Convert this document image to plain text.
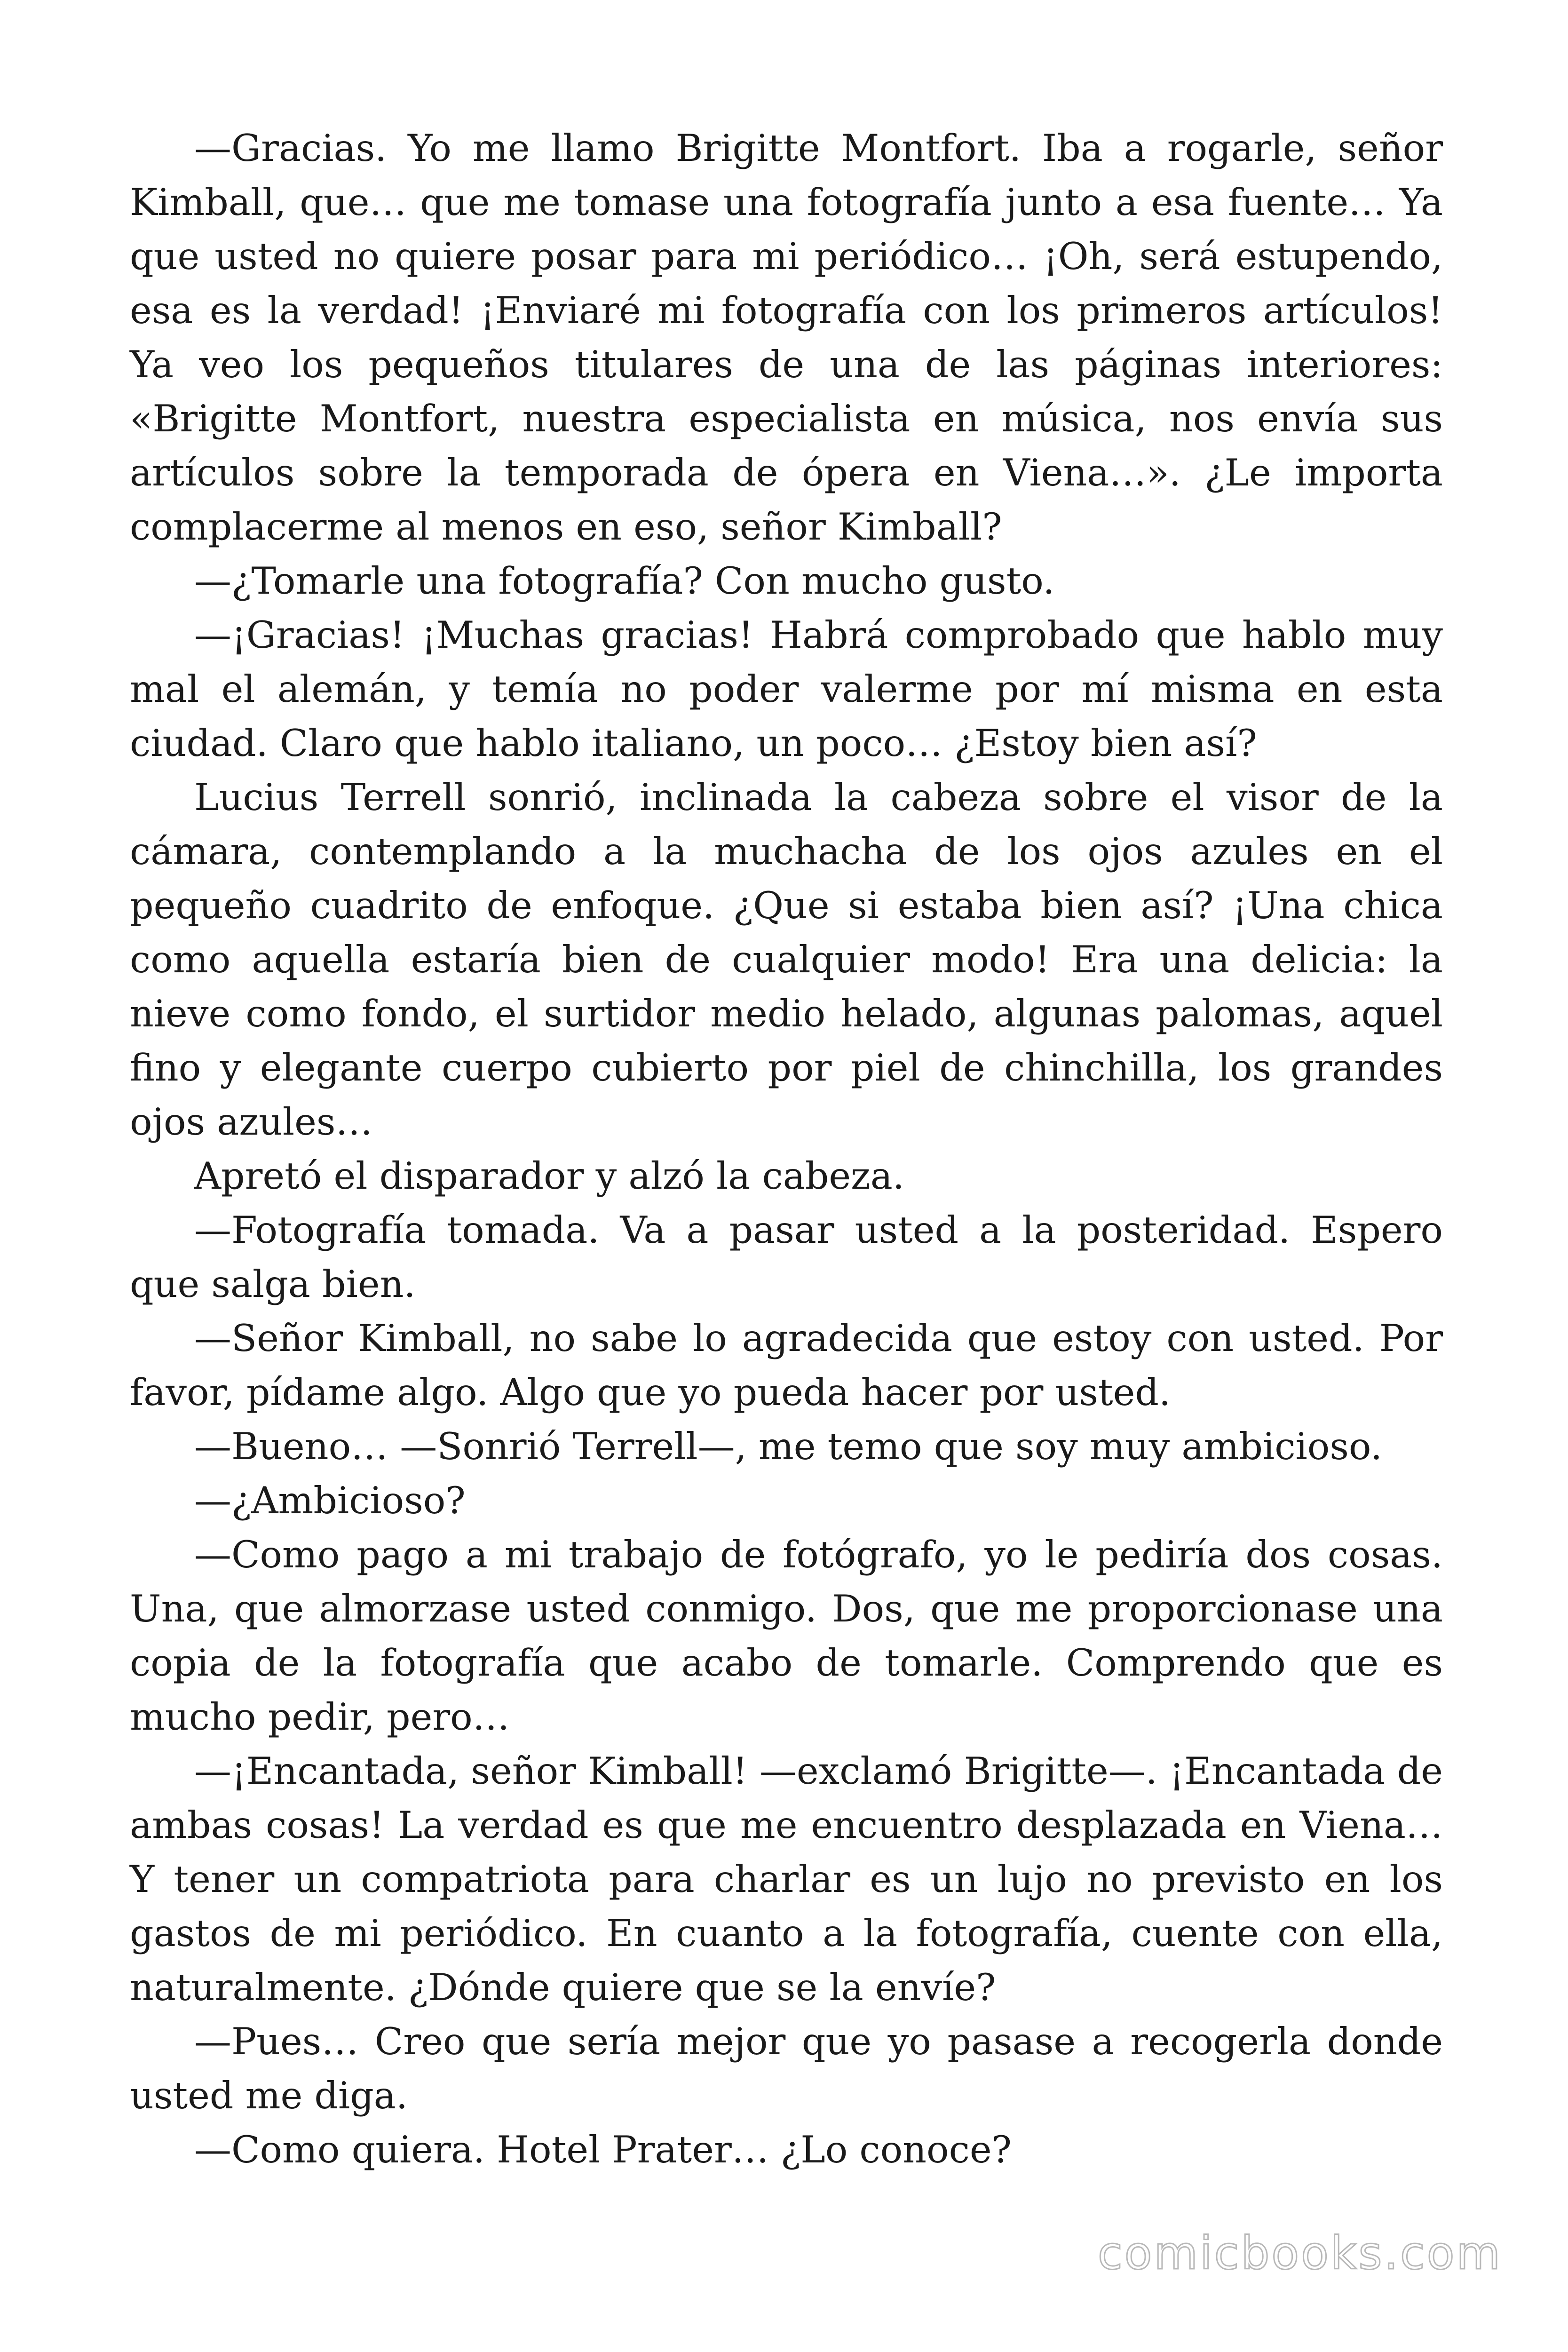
—Gracias. Yo me llamo Brigitte Montfort. Iba a rogarle, señor Kimball, que… que me tomase una fotografía junto a esa fuente… Ya que usted no quiere posar para mi periódico… ¡Oh, será estupendo, esa es la verdad! ¡Enviaré mi fotografía con los primeros artículos! Ya veo los pequeños titulares de una de las páginas interiores: «Brigitte Montfort, nuestra especialista en música, nos envía sus artículos sobre la temporada de ópera en Viena…». ¿Le importa complacerme al menos en eso, señor Kimball?

—¿Tomarle una fotografía? Con mucho gusto.

—¡Gracias! ¡Muchas gracias! Habrá comprobado que hablo muy mal el alemán, y temía no poder valerme por mí misma en esta ciudad. Claro que hablo italiano, un poco… ¿Estoy bien así?

Lucius Terrell sonrió, inclinada la cabeza sobre el visor de la cámara, contemplando a la muchacha de los ojos azules en el pequeño cuadrito de enfoque. ¿Que si estaba bien así? ¡Una chica como aquella estaría bien de cualquier modo! Era una delicia: la nieve como fondo, el surtidor medio helado, algunas palomas, aquel fino y elegante cuerpo cubierto por piel de chinchilla, los grandes ojos azules…

Apretó el disparador y alzó la cabeza.

—Fotografía tomada. Va a pasar usted a la posteridad. Espero que salga bien.

—Señor Kimball, no sabe lo agradecida que estoy con usted. Por favor, pídame algo. Algo que yo pueda hacer por usted.

—Bueno… —Sonrió Terrell—, me temo que soy muy ambicioso.

—¿Ambicioso?

—Como pago a mi trabajo de fotógrafo, yo le pediría dos cosas. Una, que almorzase usted conmigo. Dos, que me proporcionase una copia de la fotografía que acabo de tomarle. Comprendo que es mucho pedir, pero…

—¡Encantada, señor Kimball! —exclamó Brigitte—. ¡Encantada de ambas cosas! La verdad es que me encuentro desplazada en Viena… Y tener un compatriota para charlar es un lujo no previsto en los gastos de mi periódico. En cuanto a la fotografía, cuente con ella, naturalmente. ¿Dónde quiere que se la envíe?

—Pues… Creo que sería mejor que yo pasase a recogerla donde usted me diga.

—Como quiera. Hotel Prater… ¿Lo conoce?

comicbooks.com
